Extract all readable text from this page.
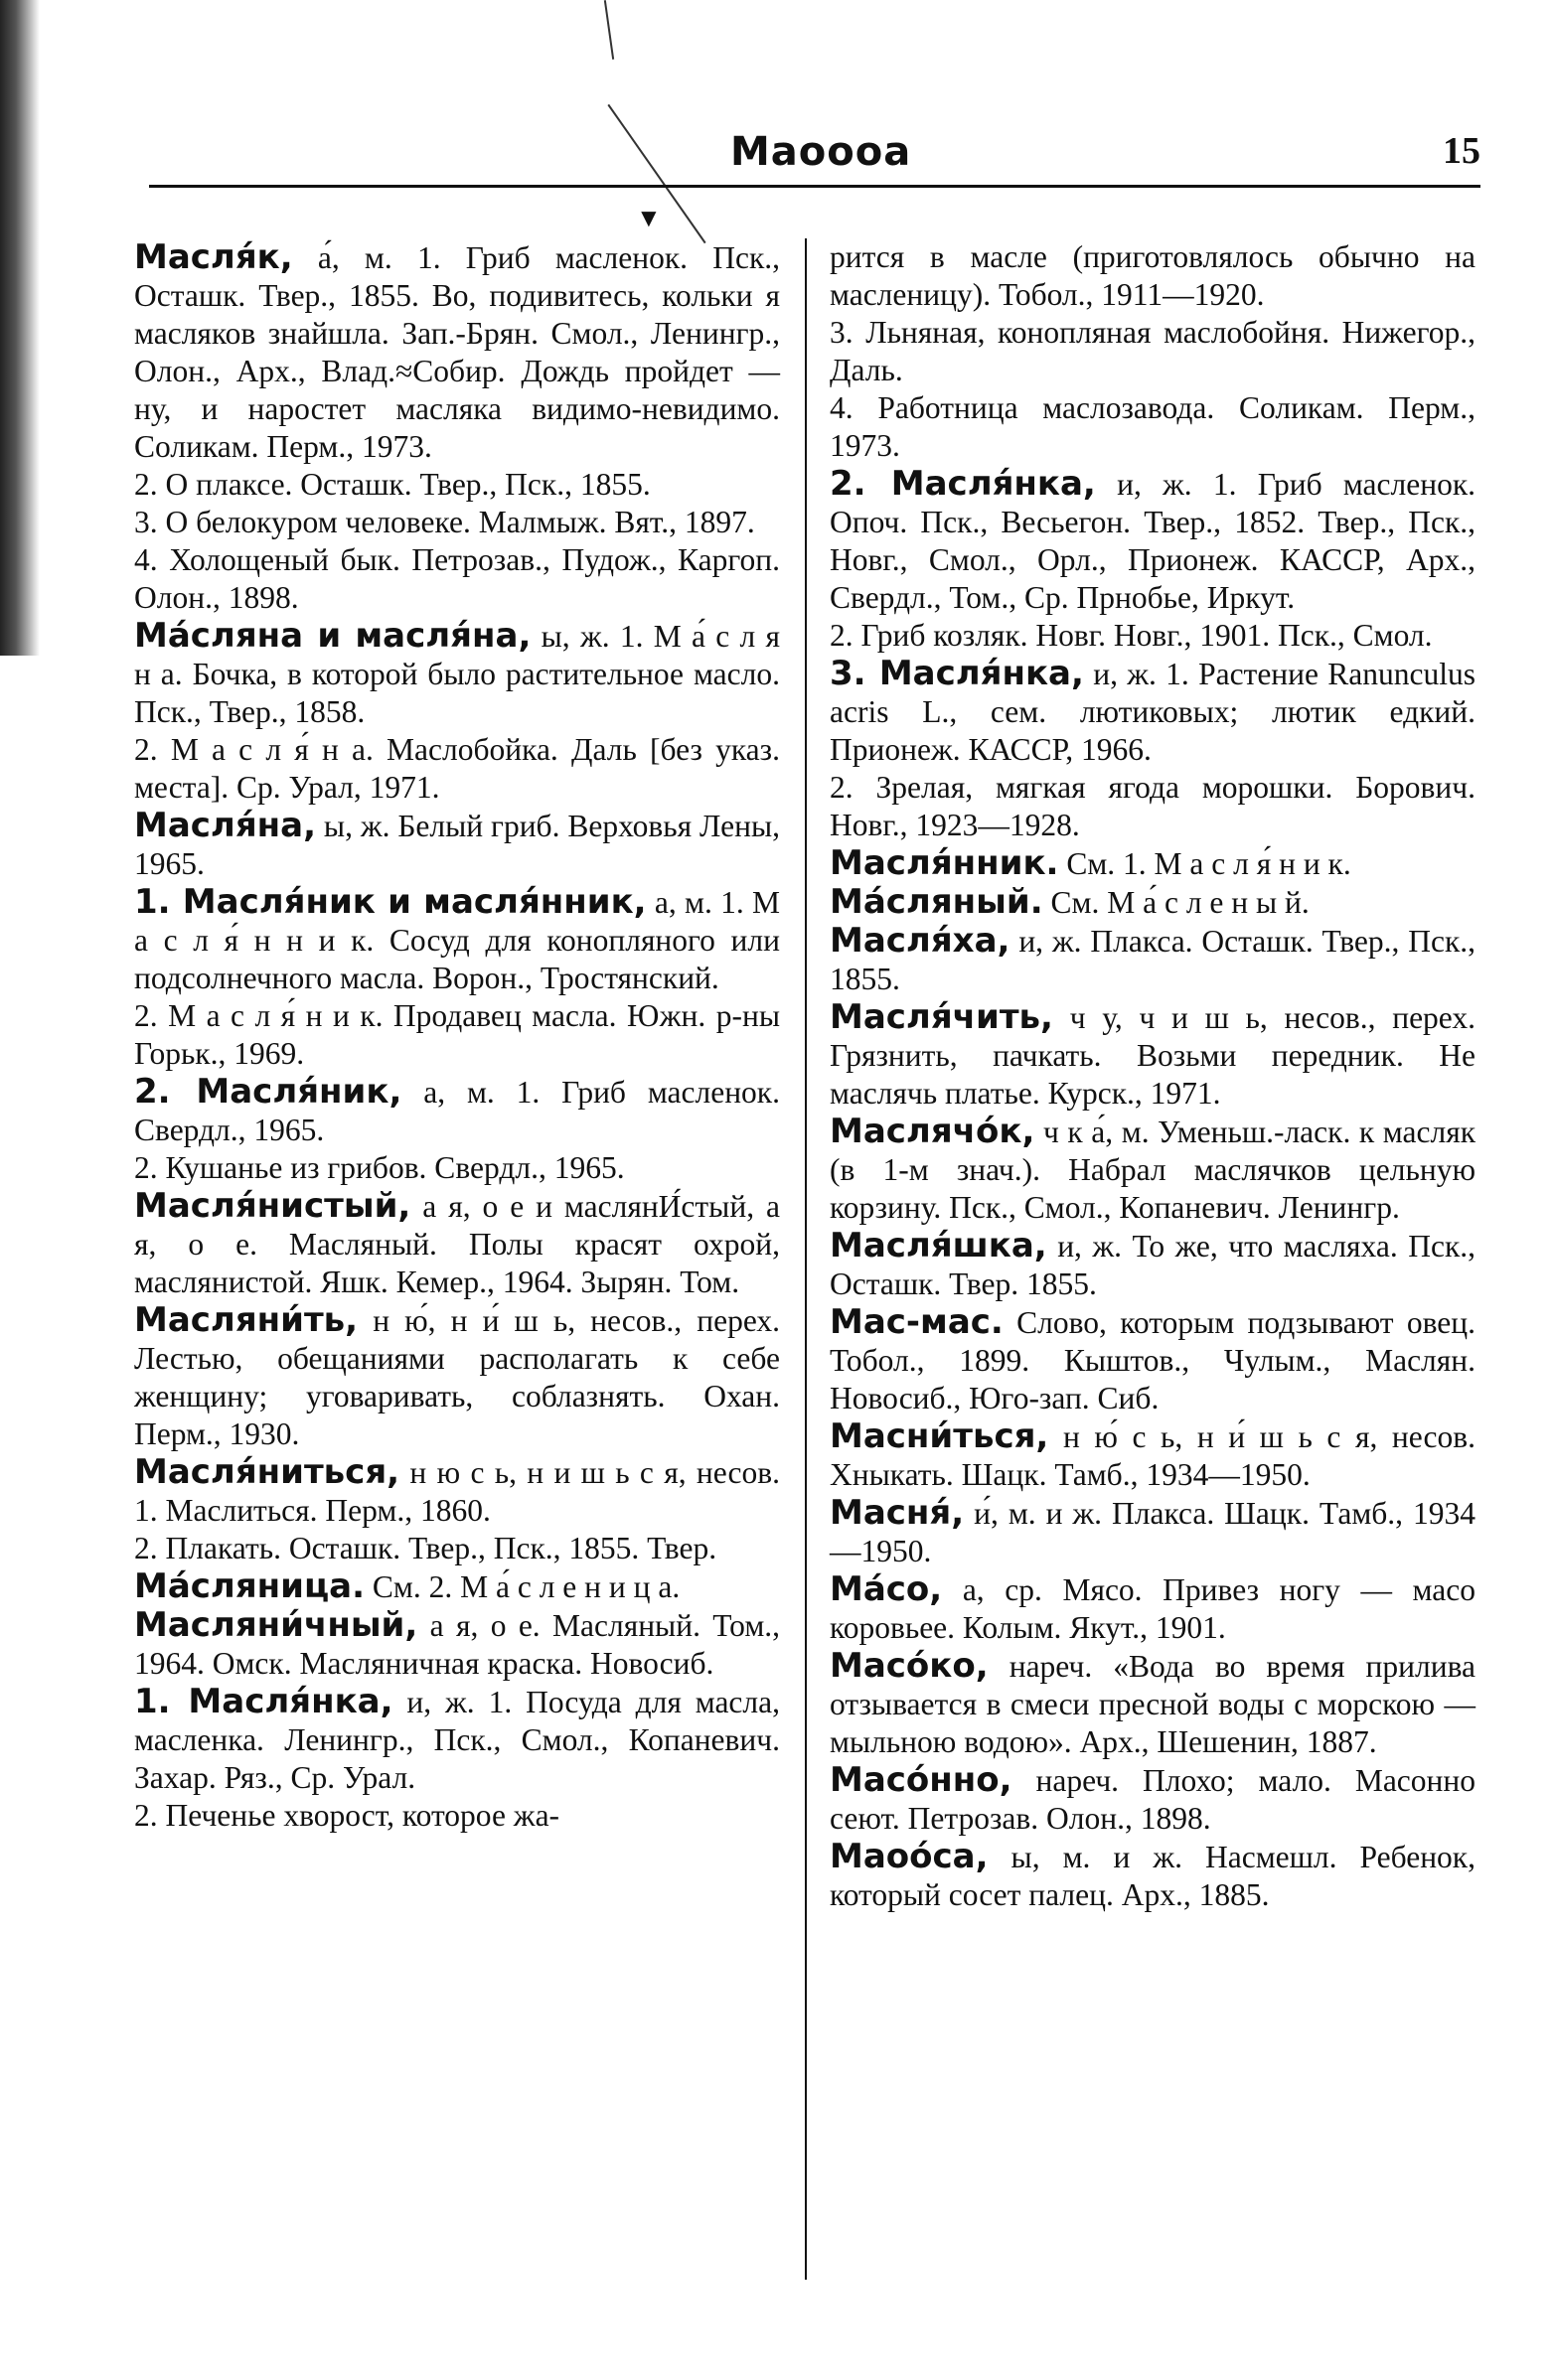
▼
Маоооа	15
Масля́к, а́, м. 1. Гриб масленок. Пск., Осташк. Твер., 1855. Во, подивитесь, кольки я масляков знайшла. Зап.-Брян. Смол., Ленингр., Олон., Арх., Влад.≈Собир. Дождь пройдет — ну, и наростет масляка видимо-невидимо. Соликам. Перм., 1973.
2. О плаксе. Осташк. Твер., Пск., 1855.
3. О белокуром человеке. Малмыж. Вят., 1897.
4. Холощеный бык. Петрозав., Пудож., Каргоп. Олон., 1898.
Ма́сляна и масля́на, ы, ж. 1. М а́ с л я н а. Бочка, в которой было растительное масло. Пск., Твер., 1858.
2. М а с л я́ н а. Маслобойка. Даль [без указ. места]. Ср. Урал, 1971.
Масля́на, ы, ж. Белый гриб. Верховья Лены, 1965.
1. Масля́ник и масля́нник, а, м. 1. М а с л я́ н н и к. Сосуд для конопляного или подсолнечного масла. Ворон., Тростянский.
2. М а с л я́ н и к. Продавец масла. Южн. р-ны Горьк., 1969.
2. Масля́ник, а, м. 1. Гриб масленок. Свердл., 1965.
2. Кушанье из грибов. Свердл., 1965.
Масля́нистый, а я, о е и маслянИ́стый, а я, о е. Масляный. Полы красят охрой, маслянистой. Яшк. Кемер., 1964. Зырян. Том.
Масляни́ть, н ю́, н и́ ш ь, несов., перех. Лестью, обещаниями располагать к себе женщину; уговаривать, соблазнять. Охан. Перм., 1930.
Масля́ниться, н ю с ь, н и ш ь с я, несов. 1. Маслиться. Перм., 1860.
2. Плакать. Осташк. Твер., Пск., 1855. Твер.
Ма́сляница. См. 2. М а́ с л е н и ц а.
Масляни́чный, а я, о е. Масляный. Том., 1964. Омск. Масляничная краска. Новосиб.
1. Масля́нка, и, ж. 1. Посуда для масла, масленка. Ленингр., Пск., Смол., Копаневич. Захар. Ряз., Ср. Урал.
2. Печенье хворост, которое жа-
рится в масле (приготовлялось обычно на масленицу). Тобол., 1911—1920.
3. Льняная, конопляная маслобойня. Нижегор., Даль.
4. Работница маслозавода. Соликам. Перм., 1973.
2. Масля́нка, и, ж. 1. Гриб масленок. Опоч. Пск., Весьегон. Твер., 1852. Твер., Пск., Новг., Смол., Орл., Прионеж. КАССР, Арх., Свердл., Том., Ср. Прнобье, Иркут.
2. Гриб козляк. Новг. Новг., 1901. Пск., Смол.
3. Масля́нка, и, ж. 1. Растение Ranunculus acris L., сем. лютиковых; лютик едкий. Прионеж. КАССР, 1966.
2. Зрелая, мягкая ягода морошки. Борович. Новг., 1923—1928.
Масля́нник. См. 1. М а с л я́ н и к.
Ма́сляный. См. М а́ с л е н ы й.
Масля́ха, и, ж. Плакса. Осташк. Твер., Пск., 1855.
Масля́чить, ч у, ч и ш ь, несов., перех. Грязнить, пачкать. Возьми передник. Не маслячь платье. Курск., 1971.
Маслячо́к, ч к а́, м. Уменьш.-ласк. к масляк (в 1-м знач.). Набрал маслячков цельную корзину. Пск., Смол., Копаневич. Ленингр.
Масля́шка, и, ж. То же, что масляха. Пск., Осташк. Твер. 1855.
Мас-мас. Слово, которым подзывают овец. Тобол., 1899. Кыштов., Чулым., Маслян. Новосиб., Юго-зап. Сиб.
Масни́ться, н ю́ с ь, н и́ ш ь с я, несов. Хныкать. Шацк. Тамб., 1934—1950.
Масня́, и́, м. и ж. Плакса. Шацк. Тамб., 1934—1950.
Ма́со, а, ср. Мясо. Привез ногу — масо коровьее. Колым. Якут., 1901.
Масо́ко, нареч. «Вода во время прилива отзывается в смеси пресной воды с морскою — мыльною водою». Арх., Шешенин, 1887.
Масо́нно, нареч. Плохо; мало. Масонно сеют. Петрозав. Олон., 1898.
Маоо́са, ы, м. и ж. Насмешл. Ребенок, который сосет палец. Арх., 1885.
